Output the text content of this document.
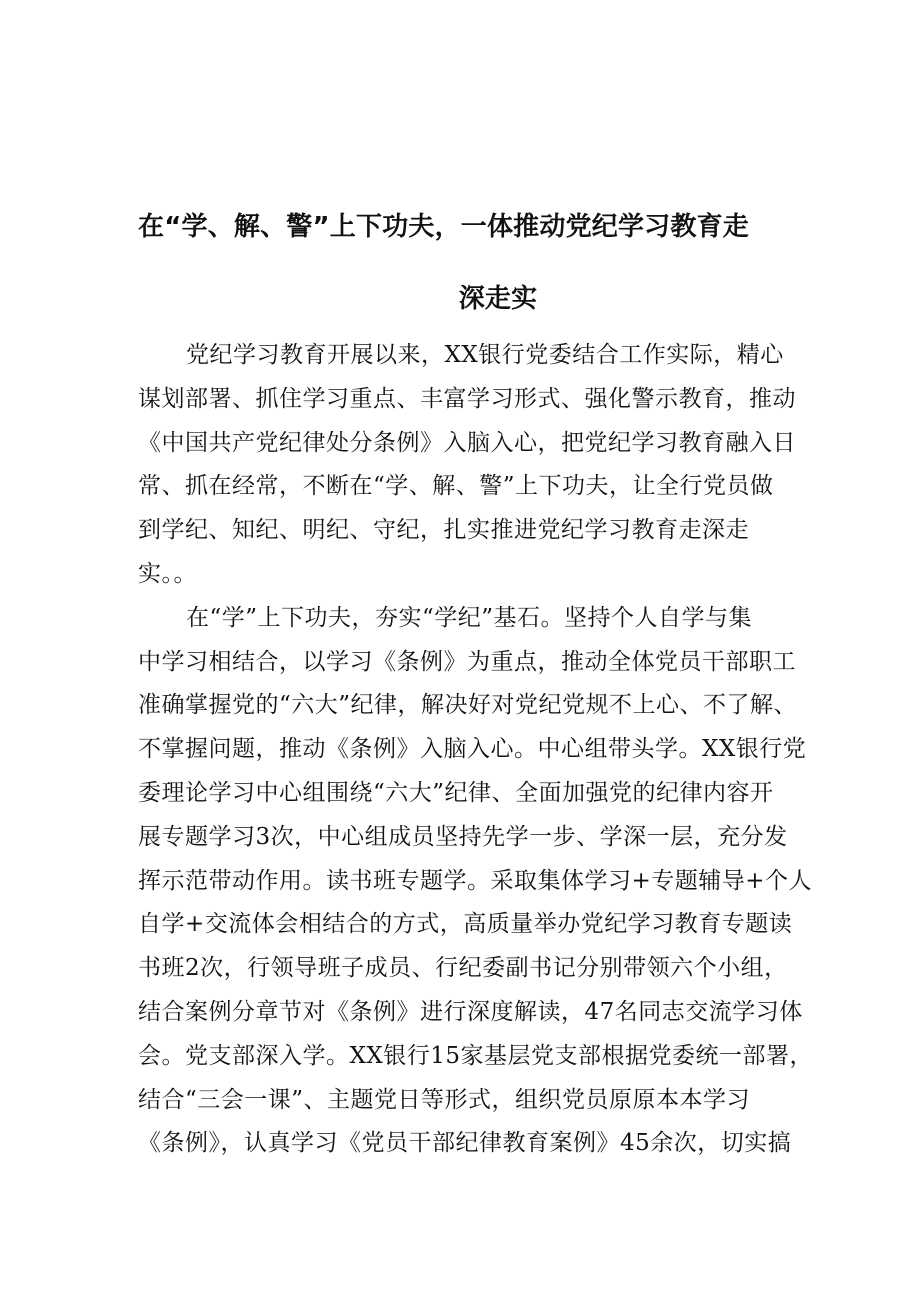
在“学、解、警”上下功夫，一体推动党纪学习教育走
深走实
党纪学习教育开展以来，XX银行党委结合工作实际，精心
谋划部署、抓住学习重点、丰富学习形式、强化警示教育，推动
《中国共产党纪律处分条例》入脑入心，把党纪学习教育融入日
常、抓在经常，不断在“学、解、警”上下功夫，让全行党员做
到学纪、知纪、明纪、守纪，扎实推进党纪学习教育走深走
实。。
在“学”上下功夫，夯实“学纪”基石。坚持个人自学与集
中学习相结合，以学习《条例》为重点，推动全体党员干部职工
准确掌握党的“六大”纪律，解决好对党纪党规不上心、不了解、
不掌握问题，推动《条例》入脑入心。中心组带头学。XX银行党
委理论学习中心组围绕“六大”纪律、全面加强党的纪律内容开
展专题学习3次，中心组成员坚持先学一步、学深一层，充分发
挥示范带动作用。读书班专题学。采取集体学习+专题辅导+个人
自学+交流体会相结合的方式，高质量举办党纪学习教育专题读
书班2次，行领导班子成员、行纪委副书记分别带领六个小组，
结合案例分章节对《条例》进行深度解读，47名同志交流学习体
会。党支部深入学。XX银行15家基层党支部根据党委统一部署，
结合“三会一课”、主题党日等形式，组织党员原原本本学习
《条例》，认真学习《党员干部纪律教育案例》45余次，切实搞
